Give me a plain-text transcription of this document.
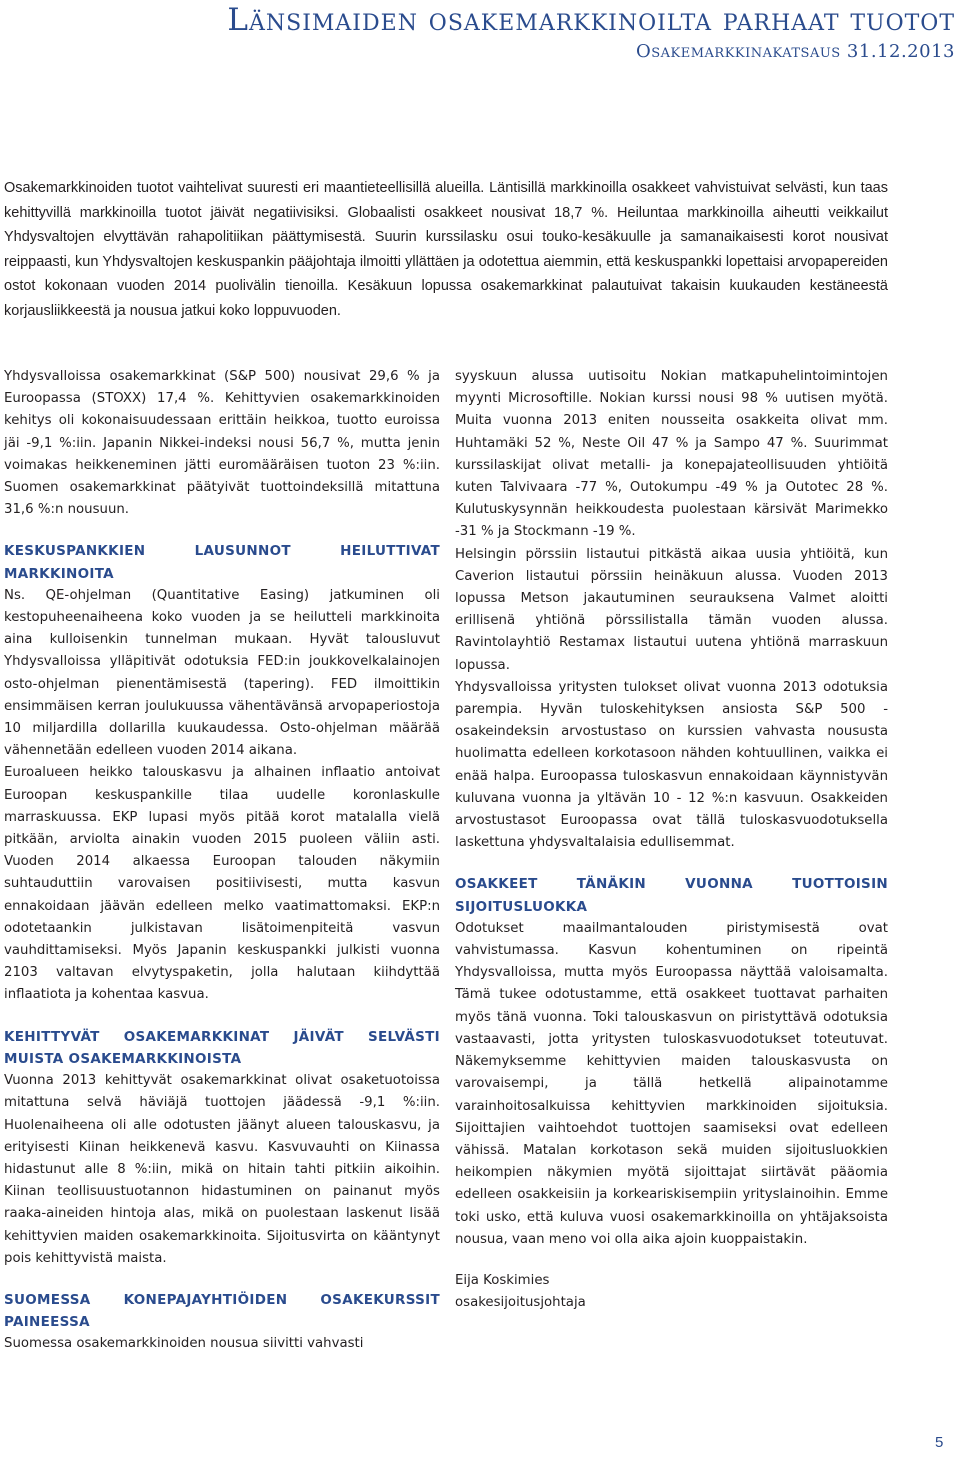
Länsimaiden osakemarkkinoilta parhaat tuotot
Osakemarkkinakatsaus 31.12.2013

Osakemarkkinoiden tuotot vaihtelivat suuresti eri maantieteellisillä alueilla. Läntisillä markkinoilla osakkeet vahvistuivat selvästi, kun taas kehittyvillä markkinoilla tuotot jäivät negatiivisiksi. Globaalisti osakkeet nousivat 18,7 %. Heiluntaa markkinoilla aiheutti veikkailut Yhdysvaltojen elvyttävän rahapolitiikan päättymisestä. Suurin kurssilasku osui touko-kesäkuulle ja samanaikaisesti korot nousivat reippaasti, kun Yhdysvaltojen keskuspankin pääjohtaja ilmoitti yllättäen ja odotettua aiemmin, että keskuspankki lopettaisi arvopapereiden ostot kokonaan vuoden 2014 puolivälin tienoilla. Kesäkuun lopussa osakemarkkinat palautuivat takaisin kuukauden kestäneestä korjausliikkeestä ja nousua jatkui koko loppuvuoden.

Yhdysvalloissa osakemarkkinat (S&P 500) nousivat 29,6 % ja Euroopassa (STOXX) 17,4 %. Kehittyvien osakemarkkinoiden kehitys oli kokonaisuudessaan erittäin heikkoa, tuotto euroissa jäi -9,1 %:iin. Japanin Nikkei-indeksi nousi 56,7 %, mutta jenin voimakas heikkeneminen jätti euromääräisen tuoton 23 %:iin. Suomen osakemarkkinat päätyivät tuottoindeksillä mitattuna 31,6 %:n nousuun.

KESKUSPANKKIEN LAUSUNNOT HEILUTTIVAT MARKKINOITA

Ns. QE-ohjelman (Quantitative Easing) jatkuminen oli kestopuheenaiheena koko vuoden ja se heilutteli markkinoita aina kulloisenkin tunnelman mukaan. Hyvät talousluvut Yhdysvalloissa ylläpitivät odotuksia FED:in joukkovelkalainojen osto-ohjelman pienentämisestä (tapering). FED ilmoittikin ensimmäisen kerran joulukuussa vähentävänsä arvopaperiostoja 10 miljardilla dollarilla kuukaudessa. Osto-ohjelman määrää vähennetään edelleen vuoden 2014 aikana.

Euroalueen heikko talouskasvu ja alhainen inflaatio antoivat Euroopan keskuspankille tilaa uudelle koronlaskulle marraskuussa. EKP lupasi myös pitää korot matalalla vielä pitkään, arviolta ainakin vuoden 2015 puoleen väliin asti. Vuoden 2014 alkaessa Euroopan talouden näkymiin suhtauduttiin varovaisen positiivisesti, mutta kasvun ennakoidaan jäävän edelleen melko vaatimattomaksi. EKP:n odotetaankin julkistavan lisätoimenpiteitä vasvun vauhdittamiseksi. Myös Japanin keskuspankki julkisti vuonna 2103 valtavan elvytyspaketin, jolla halutaan kiihdyttää inflaatiota ja kohentaa kasvua.

KEHITTYVÄT OSAKEMARKKINAT JÄIVÄT SELVÄSTI MUISTA OSAKEMARKKINOISTA

Vuonna 2013 kehittyvät osakemarkkinat olivat osaketuotoissa mitattuna selvä häviäjä tuottojen jäädessä -9,1 %:iin. Huolenaiheena oli alle odotusten jäänyt alueen talouskasvu, ja erityisesti Kiinan heikkenevä kasvu. Kasvuvauhti on Kiinassa hidastunut alle 8 %:iin, mikä on hitain tahti pitkiin aikoihin. Kiinan teollisuustuotannon hidastuminen on painanut myös raaka-aineiden hintoja alas, mikä on puolestaan laskenut lisää kehittyvien maiden osakemarkkinoita. Sijoitusvirta on kääntynyt pois kehittyvistä maista.

SUOMESSA KONEPAJAYHTIÖIDEN OSAKEKURSSIT PAINEESSA

Suomessa osakemarkkinoiden nousua siivitti vahvasti

syyskuun alussa uutisoitu Nokian matkapuhelintoimintojen myynti Microsoftille. Nokian kurssi nousi 98 % uutisen myötä. Muita vuonna 2013 eniten nousseita osakkeita olivat mm. Huhtamäki 52 %, Neste Oil 47 % ja Sampo 47 %. Suurimmat kurssilaskijat olivat metalli- ja konepajateollisuuden yhtiöitä kuten Talvivaara -77 %, Outokumpu -49 % ja Outotec 28 %. Kulutuskysynnän heikkoudesta puolestaan kärsivät Marimekko -31 % ja Stockmann -19 %.

Helsingin pörssiin listautui pitkästä aikaa uusia yhtiöitä, kun Caverion listautui pörssiin heinäkuun alussa. Vuoden 2013 lopussa Metson jakautuminen seurauksena Valmet aloitti erillisenä yhtiönä pörssilistalla tämän vuoden alussa. Ravintolayhtiö Restamax listautui uutena yhtiönä marraskuun lopussa.

Yhdysvalloissa yritysten tulokset olivat vuonna 2013 odotuksia parempia. Hyvän tuloskehityksen ansiosta S&P 500 -osakeindeksin arvostustaso on kurssien vahvasta noususta huolimatta edelleen korkotasoon nähden kohtuullinen, vaikka ei enää halpa. Euroopassa tuloskasvun ennakoidaan käynnistyvän kuluvana vuonna ja yltävän 10 - 12 %:n kasvuun. Osakkeiden arvostustasot Euroopassa ovat tällä tuloskasvuodotuksella laskettuna yhdysvaltalaisia edullisemmat.

OSAKKEET TÄNÄKIN VUONNA TUOTTOISIN SIJOITUSLUOKKA

Odotukset maailmantalouden piristymisestä ovat vahvistumassa. Kasvun kohentuminen on ripeintä Yhdysvalloissa, mutta myös Euroopassa näyttää valoisamalta. Tämä tukee odotustamme, että osakkeet tuottavat parhaiten myös tänä vuonna. Toki talouskasvun on piristyttävä odotuksia vastaavasti, jotta yritysten tuloskasvuodotukset toteutuvat. Näkemyksemme kehittyvien maiden talouskasvusta on varovaisempi, ja tällä hetkellä alipainotamme varainhoitosalkuissa kehittyvien markkinoiden sijoituksia. Sijoittajien vaihtoehdot tuottojen saamiseksi ovat edelleen vähissä. Matalan korkotason sekä muiden sijoitusluokkien heikompien näkymien myötä sijoittajat siirtävät pääomia edelleen osakkeisiin ja korkeariskisempiin yrityslainoihin. Emme toki usko, että kuluva vuosi osakemarkkinoilla on yhtäjaksoista nousua, vaan meno voi olla aika ajoin kuoppaistakin.

Eija Koskimies

osakesijoitusjohtaja

5
